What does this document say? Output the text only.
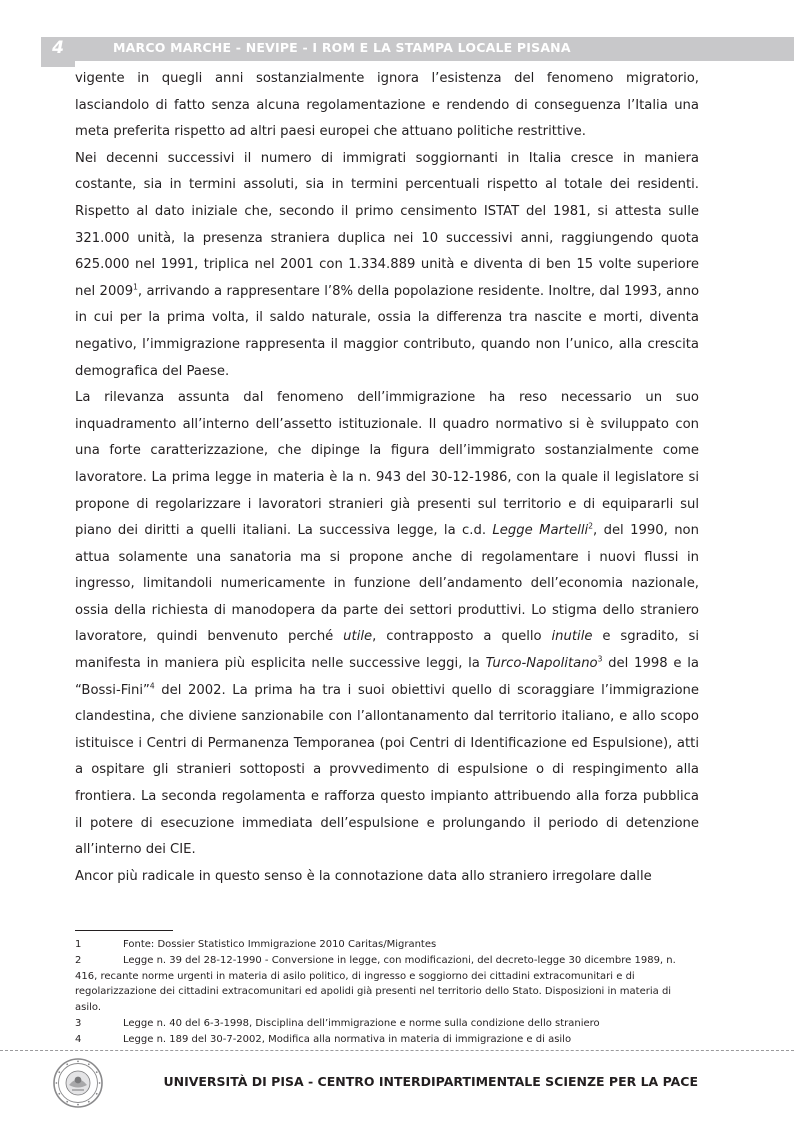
4	MARCO MARCHE - NEVIPE - I ROM E LA STAMPA LOCALE PISANA

vigente in quegli anni sostanzialmente ignora l’esistenza del fenomeno migratorio, lasciandolo di fatto senza alcuna regolamentazione e rendendo di conseguenza l’Italia una meta preferita rispetto ad altri paesi europei che attuano politiche restrittive.

Nei decenni successivi il numero di immigrati soggiornanti in Italia cresce in maniera costante, sia in termini assoluti, sia in termini percentuali rispetto al totale dei residenti. Rispetto al dato iniziale che, secondo il primo censimento ISTAT del 1981, si attesta sulle 321.000 unità, la presenza straniera duplica nei 10 successivi anni, raggiungendo quota 625.000 nel 1991, triplica nel 2001 con 1.334.889 unità e diventa di ben 15 volte superiore nel 2009$^1$, arrivando a rappresentare l’8% della popolazione residente. Inoltre, dal 1993, anno in cui per la prima volta, il saldo naturale, ossia la differenza tra nascite e morti, diventa negativo, l’immigrazione rappresenta il maggior contributo, quando non l’unico, alla crescita demografica del Paese.

La rilevanza assunta dal fenomeno dell’immigrazione ha reso necessario un suo inquadramento all’interno dell’assetto istituzionale. Il quadro normativo si è sviluppato con una forte caratterizzazione, che dipinge la figura dell’immigrato sostanzialmente come lavoratore. La prima legge in materia è la n. 943 del 30-12-1986, con la quale il legislatore si propone di regolarizzare i lavoratori stranieri già presenti sul territorio e di equipararli sul piano dei diritti a quelli italiani. La successiva legge, la c.d. Legge Martelli$^2$, del 1990, non attua solamente una sanatoria ma si propone anche di regolamentare i nuovi flussi in ingresso, limitandoli numericamente in funzione dell’andamento dell’economia nazionale, ossia della richiesta di manodopera da parte dei settori produttivi. Lo stigma dello straniero lavoratore, quindi benvenuto perché utile, contrapposto a quello inutile e sgradito, si manifesta in maniera più esplicita nelle successive leggi, la Turco-Napolitano$^3$ del 1998 e la “Bossi-Fini”$^4$ del 2002. La prima ha tra i suoi obiettivi quello di scoraggiare l’immigrazione clandestina, che diviene sanzionabile con l’allontanamento dal territorio italiano, e allo scopo istituisce i Centri di Permanenza Temporanea (poi Centri di Identificazione ed Espulsione), atti a ospitare gli stranieri sottoposti a provvedimento di espulsione o di respingimento alla frontiera. La seconda regolamenta e rafforza questo impianto attribuendo alla forza pubblica il potere di esecuzione immediata dell’espulsione e prolungando il periodo di detenzione all’interno dei CIE.

Ancor più radicale in questo senso è la connotazione data allo straniero irregolare dalle

1	Fonte: Dossier Statistico Immigrazione 2010 Caritas/Migrantes
2	Legge n. 39 del 28-12-1990 - Conversione in legge, con modificazioni, del decreto-legge 30 dicembre 1989, n. 416, recante norme urgenti in materia di asilo politico, di ingresso e soggiorno dei cittadini extracomunitari e di regolarizzazione dei cittadini extracomunitari ed apolidi già presenti nel territorio dello Stato. Disposizioni in materia di asilo.
3	Legge n. 40 del 6-3-1998, Disciplina dell’immigrazione e norme sulla condizione dello straniero
4	Legge n. 189 del 30-7-2002, Modifica alla normativa in materia di immigrazione e di asilo
UNIVERSITÀ DI PISA - CENTRO INTERDIPARTIMENTALE SCIENZE PER LA PACE
